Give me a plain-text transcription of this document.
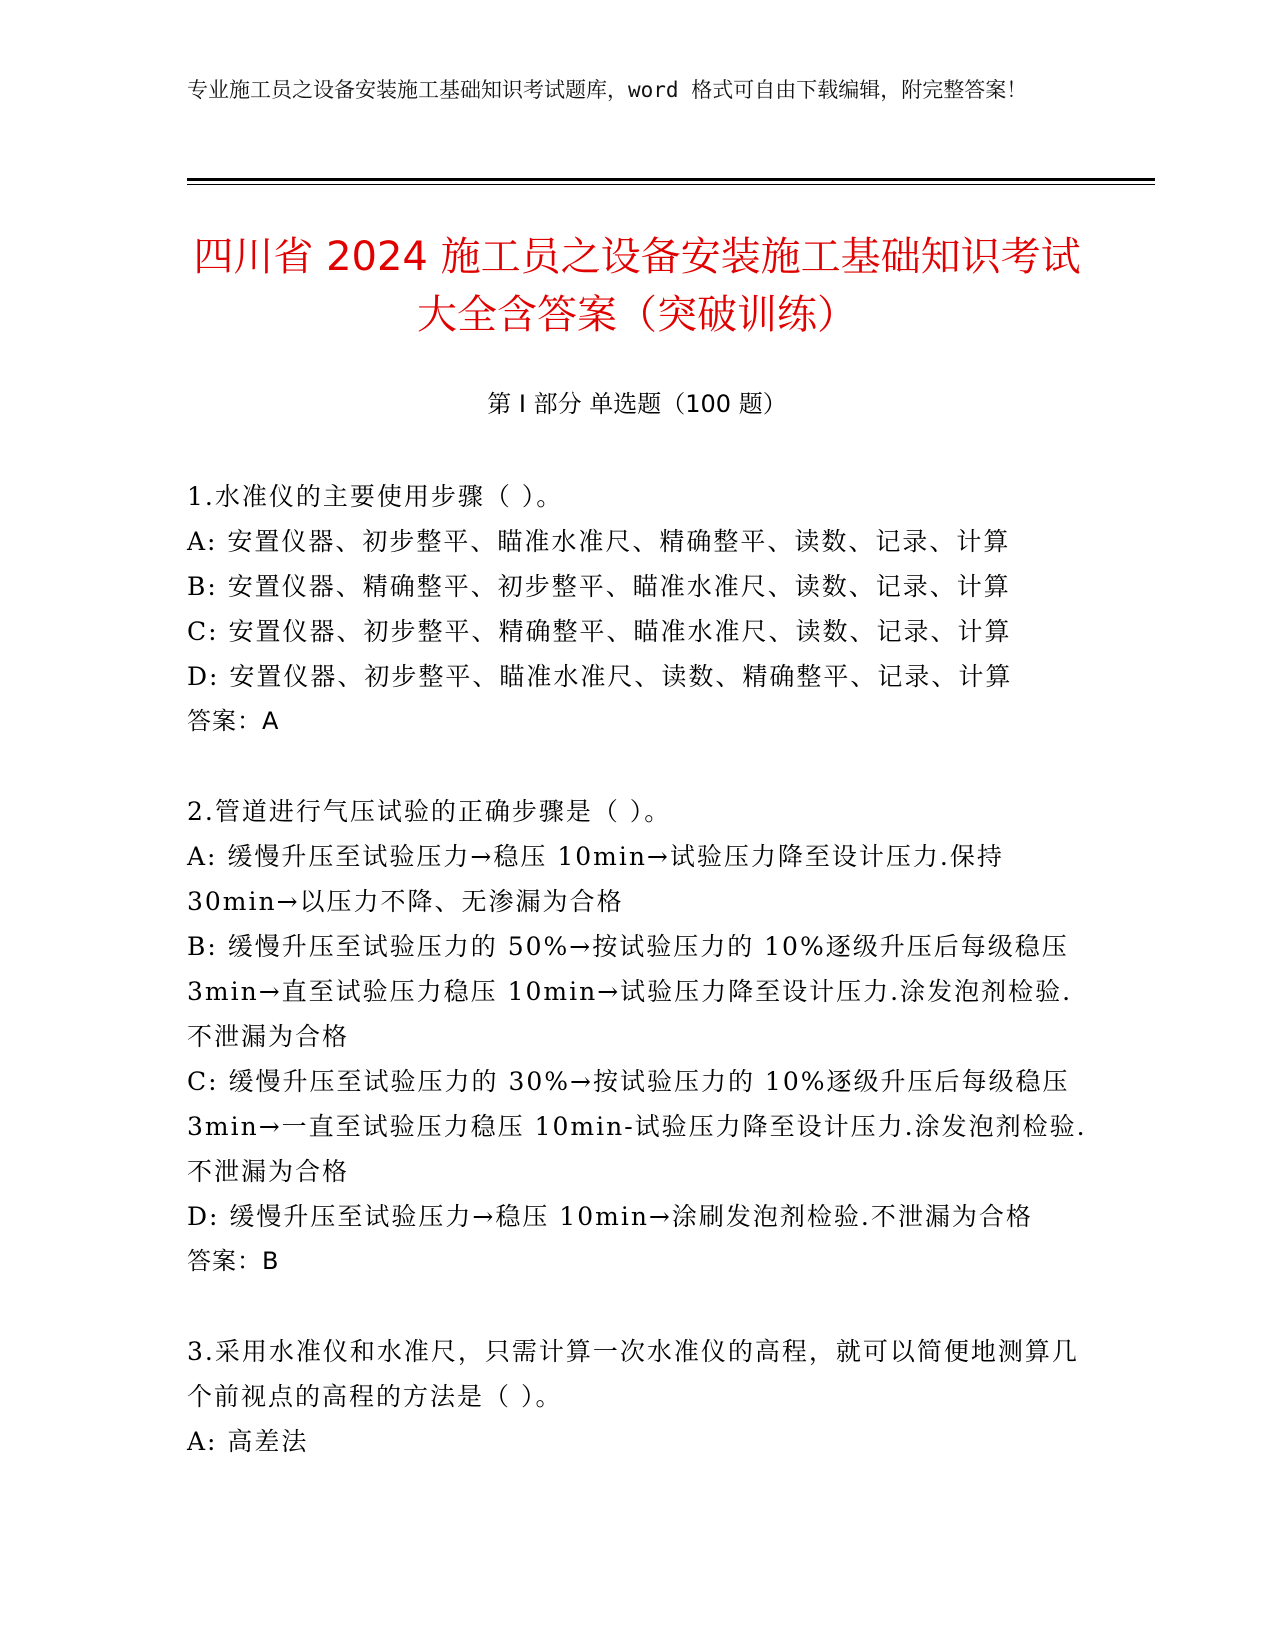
专业施工员之设备安装施工基础知识考试题库，word 格式可自由下载编辑，附完整答案！
四川省 2024 施工员之设备安装施工基础知识考试大全含答案（突破训练）
第 I 部分 单选题（100 题）

1.水准仪的主要使用步骤（ ）。

A: 安置仪器、初步整平、瞄准水准尺、精确整平、读数、记录、计算

B: 安置仪器、精确整平、初步整平、瞄准水准尺、读数、记录、计算

C: 安置仪器、初步整平、精确整平、瞄准水准尺、读数、记录、计算

D: 安置仪器、初步整平、瞄准水准尺、读数、精确整平、记录、计算

答案：A

2.管道进行气压试验的正确步骤是（ ）。

A: 缓慢升压至试验压力→稳压 10min→试验压力降至设计压力.保持 30min→以压力不降、无渗漏为合格

B: 缓慢升压至试验压力的 50%→按试验压力的 10%逐级升压后每级稳压 3min→直至试验压力稳压 10min→试验压力降至设计压力.涂发泡剂检验.不泄漏为合格

C: 缓慢升压至试验压力的 30%→按试验压力的 10%逐级升压后每级稳压 3min→一直至试验压力稳压 10min-试验压力降至设计压力.涂发泡剂检验.不泄漏为合格

D: 缓慢升压至试验压力→稳压 10min→涂刷发泡剂检验.不泄漏为合格

答案：B

3.采用水准仪和水准尺，只需计算一次水准仪的高程，就可以简便地测算几个前视点的高程的方法是（ ）。

A: 高差法
